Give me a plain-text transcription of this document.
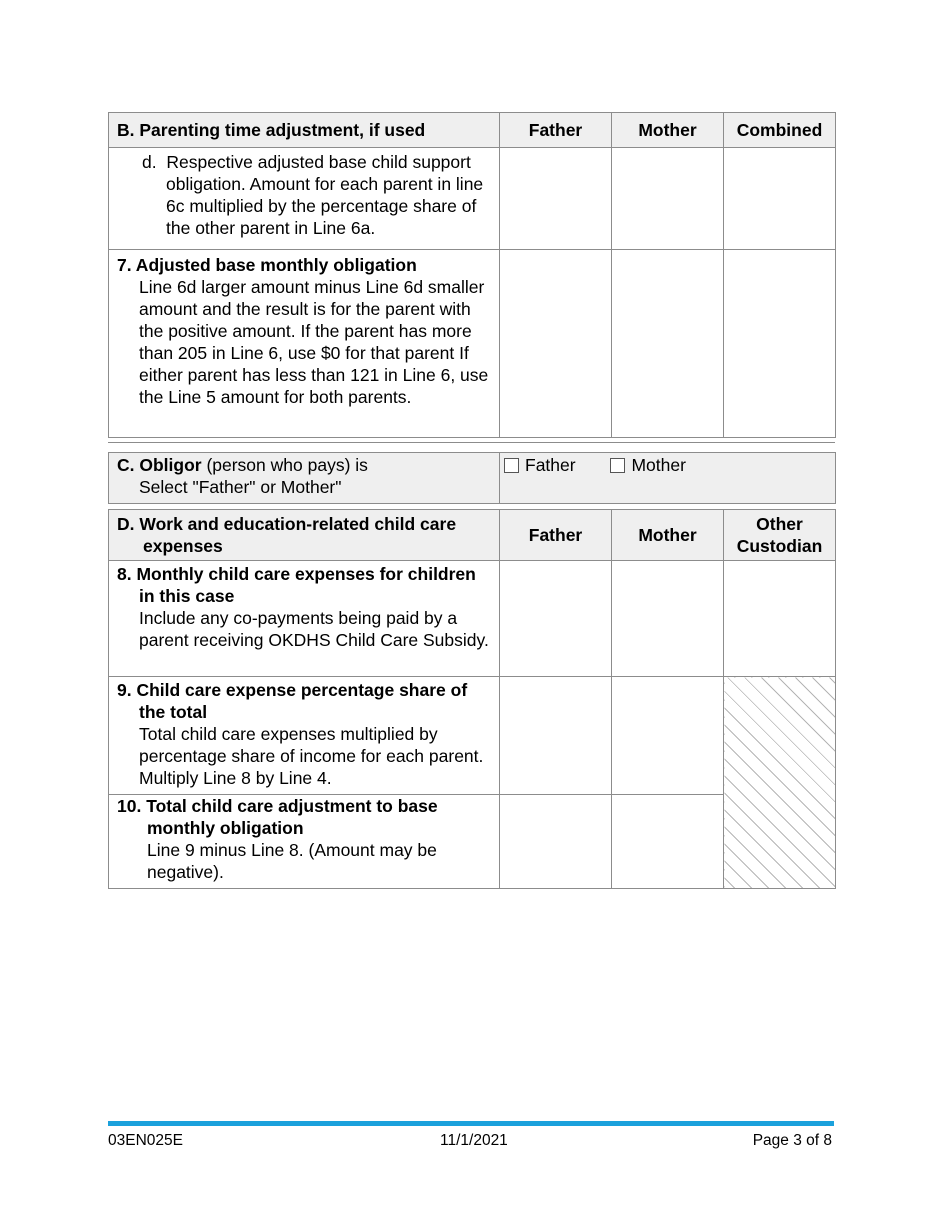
B. Parenting time adjustment, if used	Father	Mother	Combined

d. Respective adjusted base child support obligation. Amount for each parent in line 6c multiplied by the percentage share of the other parent in Line 6a.			

7. Adjusted base monthly obligation
Line 6d larger amount minus Line 6d smaller amount and the result is for the parent with the positive amount. If the parent has more than 205 in Line 6, use $0 for that parent If either parent has less than 121 in Line 6, use the Line 5 amount for both parents.			

C. Obligor (person who pays) is
Select "Father" or Mother"

Father	Mother
D. Work and education-related child care expenses	Father	Mother	Other Custodian

8. Monthly child care expenses for children in this case
Include any co-payments being paid by a parent receiving OKDHS Child Care Subsidy.			

9. Child care expense percentage share of the total
Total child care expenses multiplied by percentage share of income for each parent. Multiply Line 8 by Line 4.			

10. Total child care adjustment to base monthly obligation
Line 9 minus Line 8. (Amount may be negative).			

03EN025E	11/1/2021	Page 3 of 8
